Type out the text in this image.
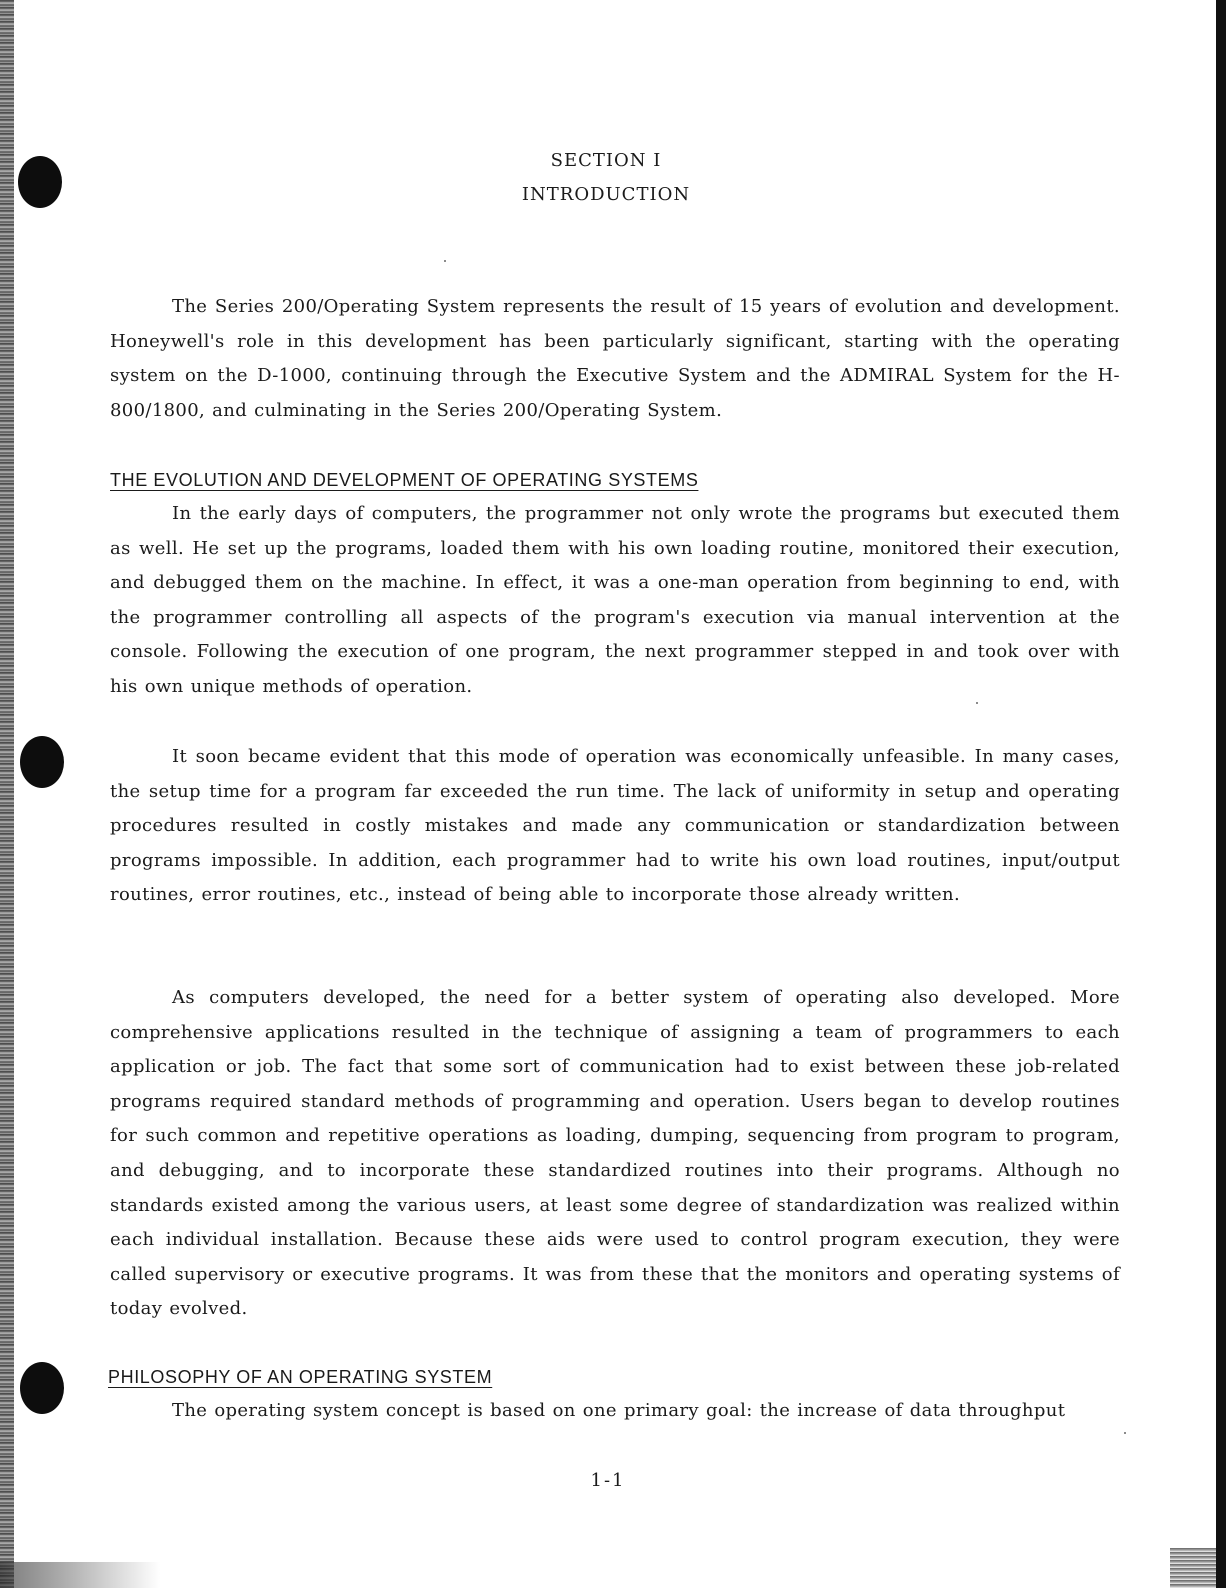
SECTION I
INTRODUCTION

The Series 200/Operating System represents the result of 15 years of evolution and development. Honeywell's role in this development has been particularly significant, starting with the operating system on the D-1000, continuing through the Executive System and the ADMIRAL System for the H-800/1800, and culminating in the Series 200/Operating System.

THE EVOLUTION AND DEVELOPMENT OF OPERATING SYSTEMS

In the early days of computers, the programmer not only wrote the programs but executed them as well. He set up the programs, loaded them with his own loading routine, monitored their execution, and debugged them on the machine. In effect, it was a one-man operation from beginning to end, with the programmer controlling all aspects of the program's execution via manual intervention at the console. Following the execution of one program, the next programmer stepped in and took over with his own unique methods of operation.

It soon became evident that this mode of operation was economically unfeasible. In many cases, the setup time for a program far exceeded the run time. The lack of uniformity in setup and operating procedures resulted in costly mistakes and made any communication or standardization between programs impossible. In addition, each programmer had to write his own load routines, input/output routines, error routines, etc., instead of being able to incorporate those already written.

As computers developed, the need for a better system of operating also developed. More comprehensive applications resulted in the technique of assigning a team of programmers to each application or job. The fact that some sort of communication had to exist between these job-related programs required standard methods of programming and operation. Users began to develop routines for such common and repetitive operations as loading, dumping, sequencing from program to program, and debugging, and to incorporate these standardized routines into their programs. Although no standards existed among the various users, at least some degree of standardization was realized within each individual installation. Because these aids were used to control program execution, they were called supervisory or executive programs. It was from these that the monitors and operating systems of today evolved.

PHILOSOPHY OF AN OPERATING SYSTEM

The operating system concept is based on one primary goal: the increase of data throughput

1-1
